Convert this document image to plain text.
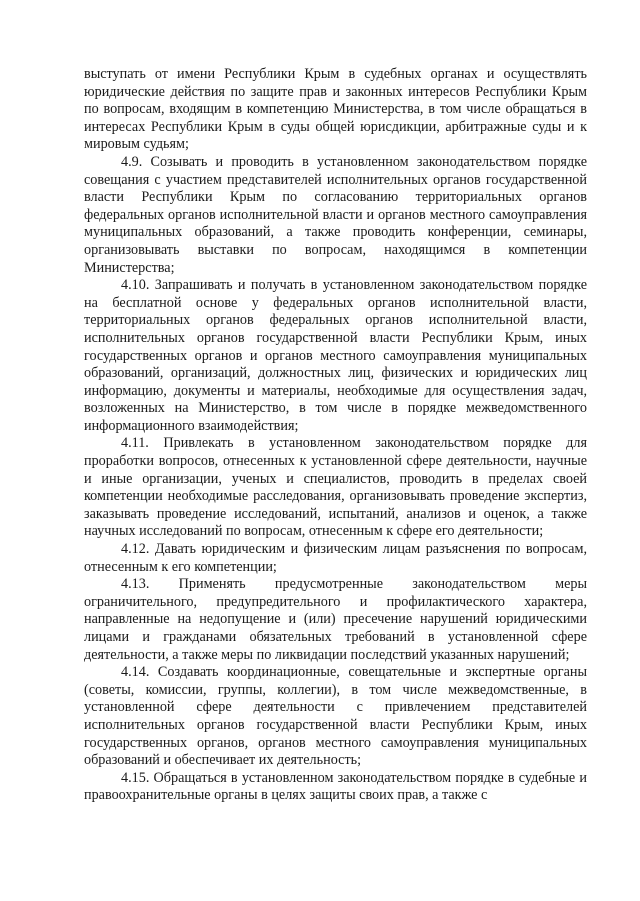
выступать от имени Республики Крым в судебных органах и осуществлять юридические действия по защите прав и законных интересов Республики Крым по вопросам, входящим в компетенцию Министерства, в том числе обращаться в интересах Республики Крым в суды общей юрисдикции, арбитражные суды и к мировым судьям;

4.9. Созывать и проводить в установленном законодательством порядке совещания с участием представителей исполнительных органов государственной власти Республики Крым по согласованию территориальных органов федеральных органов исполнительной власти и органов местного самоуправления муниципальных образований, а также проводить конференции, семинары, организовывать выставки по вопросам, находящимся в компетенции Министерства;

4.10. Запрашивать и получать в установленном законодательством порядке на бесплатной основе у федеральных органов исполнительной власти, территориальных органов федеральных органов исполнительной власти, исполнительных органов государственной власти Республики Крым, иных государственных органов и органов местного самоуправления муниципальных образований, организаций, должностных лиц, физических и юридических лиц информацию, документы и материалы, необходимые для осуществления задач, возложенных на Министерство, в том числе в порядке межведомственного информационного взаимодействия;

4.11. Привлекать в установленном законодательством порядке для проработки вопросов, отнесенных к установленной сфере деятельности, научные и иные организации, ученых и специалистов, проводить в пределах своей компетенции необходимые расследования, организовывать проведение экспертиз, заказывать проведение исследований, испытаний, анализов и оценок, а также научных исследований по вопросам, отнесенным к сфере его деятельности;

4.12. Давать юридическим и физическим лицам разъяснения по вопросам, отнесенным к его компетенции;

4.13. Применять предусмотренные законодательством меры ограничительного, предупредительного и профилактического характера, направленные на недопущение и (или) пресечение нарушений юридическими лицами и гражданами обязательных требований в установленной сфере деятельности, а также меры по ликвидации последствий указанных нарушений;

4.14. Создавать координационные, совещательные и экспертные органы (советы, комиссии, группы, коллегии), в том числе межведомственные, в установленной сфере деятельности с привлечением представителей исполнительных органов государственной власти Республики Крым, иных государственных органов, органов местного самоуправления муниципальных образований и обеспечивает их деятельность;

4.15. Обращаться в установленном законодательством порядке в судебные и правоохранительные органы в целях защиты своих прав, а также с
